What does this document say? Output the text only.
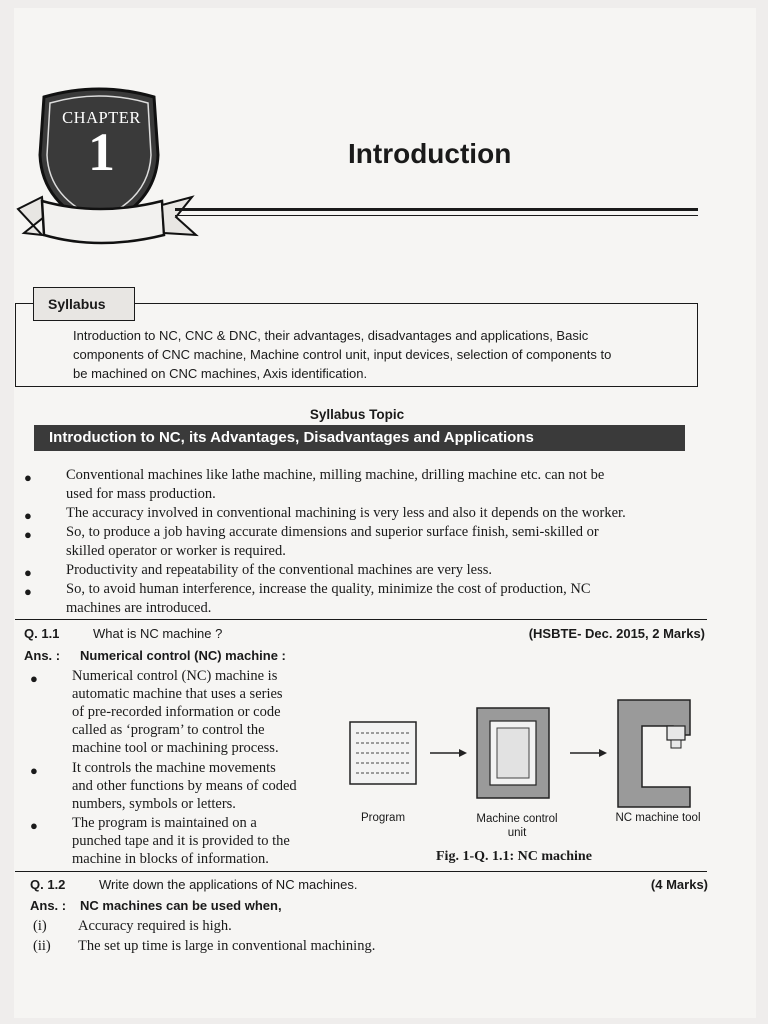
CHAPTER
1	Introduction
Syllabus
Introduction to NC, CNC & DNC, their advantages, disadvantages and applications, Basic
components of CNC machine, Machine control unit, input devices, selection of components to
be machined on CNC machines, Axis identification.
Syllabus Topic
Introduction to NC, its Advantages, Disadvantages and Applications
● Conventional machines like lathe machine, milling machine, drilling machine etc. can not be
used for mass production.
● The accuracy involved in conventional machining is very less and also it depends on the worker.
● So, to produce a job having accurate dimensions and superior surface finish, semi-skilled or
skilled operator or worker is required.
● Productivity and repeatability of the conventional machines are very less.
● So, to avoid human interference, increase the quality, minimize the cost of production, NC
machines are introduced.
Q. 1.1	What is NC machine ?	(HSBTE- Dec. 2015, 2 Marks)
Ans. : Numerical control (NC) machine :
● Numerical control (NC) machine is
automatic machine that uses a series
of pre-recorded information or code
called as ‘program’ to control the
machine tool or machining process.
● It controls the machine movements
and other functions by means of coded
numbers, symbols or letters.
● The program is maintained on a
punched tape and it is provided to the
machine in blocks of information.
Program	Machine control
unit
NC machine tool
Fig. 1-Q. 1.1: NC machine
Q. 1.2	Write down the applications of NC machines.	(4 Marks)
Ans. : NC machines can be used when,
(i) Accuracy required is high.
(ii) The set up time is large in conventional machining.
